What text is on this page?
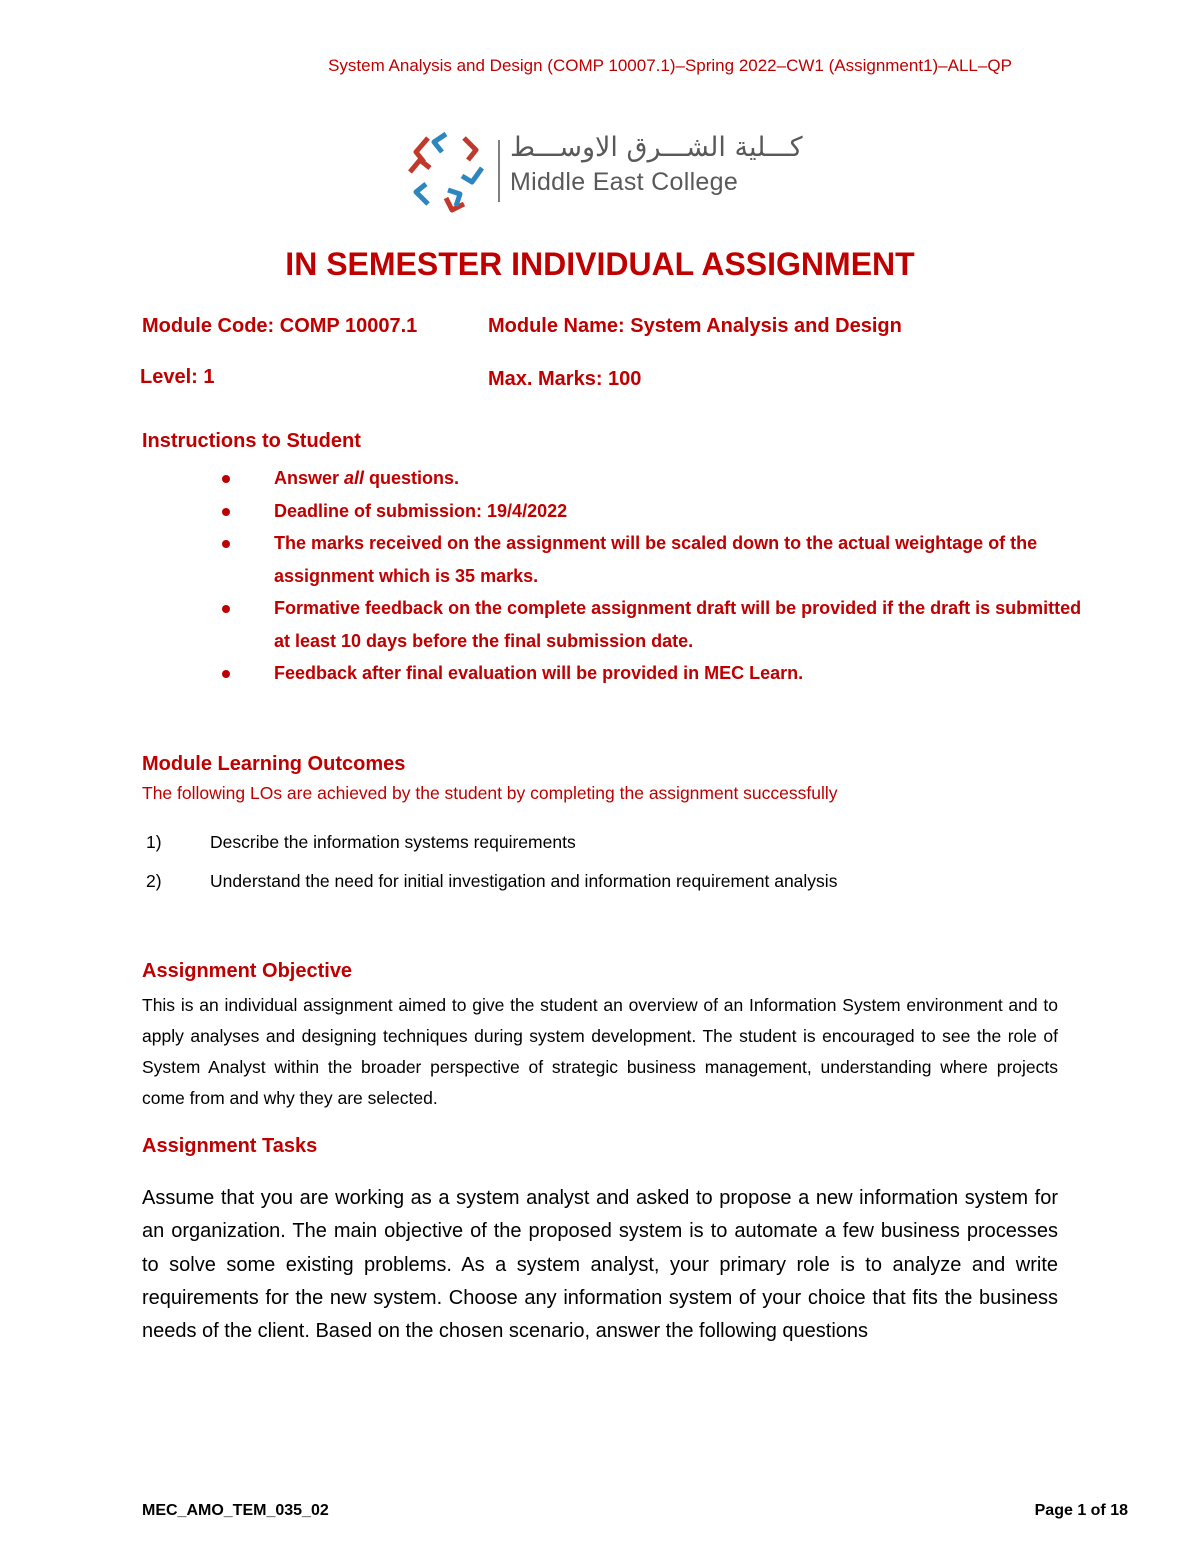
System Analysis and Design (COMP 10007.1)–Spring 2022–CW1 (Assignment1)–ALL–QP
كـــلية الشـــرق الاوســـط
Middle East College
IN SEMESTER INDIVIDUAL ASSIGNMENT
Module Code: COMP 10007.1	Module Name: System Analysis and Design
Level: 1	Max. Marks: 100
Instructions to Student
Answer all questions.
Deadline of submission: 19/4/2022
The marks received on the assignment will be scaled down to the actual weightage of the assignment which is 35 marks.
Formative feedback on the complete assignment draft will be provided if the draft is submitted at least 10 days before the final submission date.
Feedback after final evaluation will be provided in MEC Learn.
Module Learning Outcomes
The following LOs are achieved by the student by completing the assignment successfully
1)	Describe the information systems requirements
2)	Understand the need for initial investigation and information requirement analysis
Assignment Objective
This is an individual assignment aimed to give the student an overview of an Information System environment and to apply analyses and designing techniques during system development. The student is encouraged to see the role of System Analyst within the broader perspective of strategic business management, understanding where projects come from and why they are selected.
Assignment Tasks
Assume that you are working as a system analyst and asked to propose a new information system for an organization. The main objective of the proposed system is to automate a few business processes to solve some existing problems. As a system analyst, your primary role is to analyze and write requirements for the new system. Choose any information system of your choice that fits the business needs of the client. Based on the chosen scenario, answer the following questions
MEC_AMO_TEM_035_02	Page 1 of 18
